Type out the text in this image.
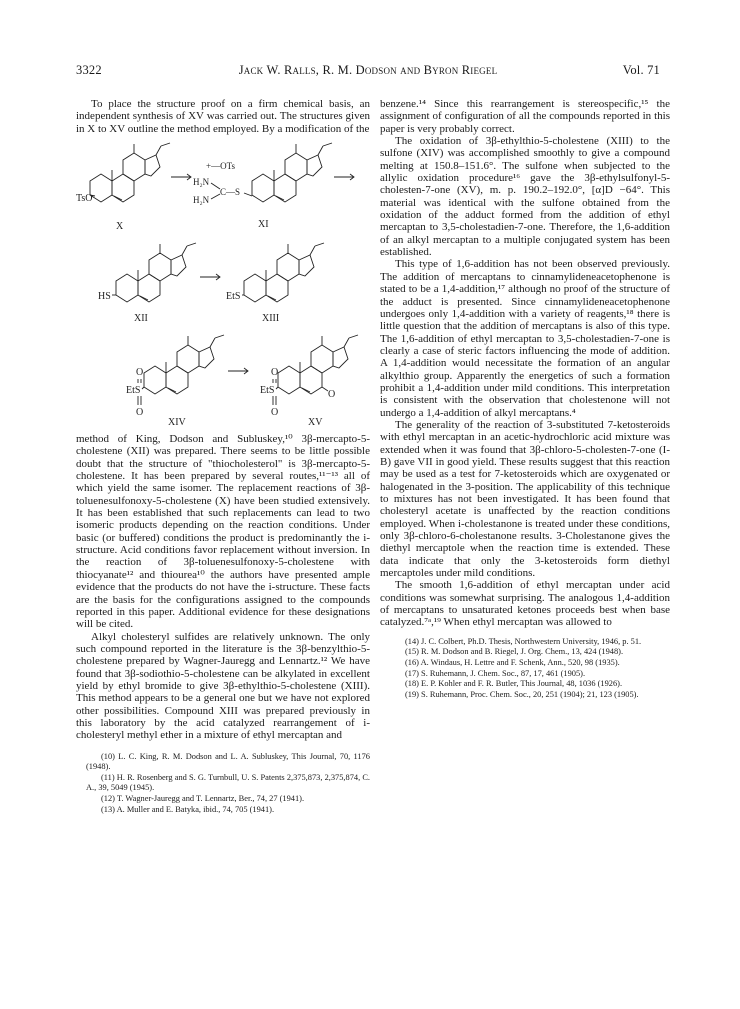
3322	Jack W. Ralls, R. M. Dodson and Byron Riegel	Vol. 71

To place the structure proof on a firm chemical basis, an independent synthesis of XV was carried out. The structures given in X to XV outline the method employed. By a modification of the

TsO
X
+—OTs
H₂N
H₂N
C—S
XI
HS
XII
EtS
XIII
O
EtS
O
XIV
O
EtS
O
O
XV

method of King, Dodson and Subluskey,¹⁰ 3β-mercapto-5-cholestene (XII) was prepared. There seems to be little possible doubt that the structure of "thiocholesterol" is 3β-mercapto-5-cholestene. It has been prepared by several routes,¹¹⁻¹³ all of which yield the same isomer. The replacement reactions of 3β-toluenesulfonoxy-5-cholestene (X) have been studied extensively. It has been established that such replacements can lead to two isomeric products depending on the reaction conditions. Under basic (or buffered) conditions the product is predominantly the i-structure. Acid conditions favor replacement without inversion. In the reaction of 3β-toluenesulfonoxy-5-cholestene with thiocyanate¹² and thiourea¹⁰ the authors have presented ample evidence that the products do not have the i-structure. These facts are the basis for the configurations assigned to the compounds reported in this paper. Additional evidence for these designations will be cited.

Alkyl cholesteryl sulfides are relatively unknown. The only such compound reported in the literature is the 3β-benzylthio-5-cholestene prepared by Wagner-Jauregg and Lennartz.¹² We have found that 3β-sodiothio-5-cholestene can be alkylated in excellent yield by ethyl bromide to give 3β-ethylthio-5-cholestene (XIII). This method appears to be a general one but we have not explored other possibilities. Compound XIII was prepared previously in this laboratory by the acid catalyzed rearrangement of i-cholesteryl methyl ether in a mixture of ethyl mercaptan and

(10) L. C. King, R. M. Dodson and L. A. Subluskey, This Journal, 70, 1176 (1948).

(11) H. R. Rosenberg and S. G. Turnbull, U. S. Patents 2,375,873, 2,375,874, C. A., 39, 5049 (1945).

(12) T. Wagner-Jauregg and T. Lennartz, Ber., 74, 27 (1941).

(13) A. Muller and E. Batyka, ibid., 74, 705 (1941).

benzene.¹⁴ Since this rearrangement is stereospecific,¹⁵ the assignment of configuration of all the compounds reported in this paper is very probably correct.

The oxidation of 3β-ethylthio-5-cholestene (XIII) to the sulfone (XIV) was accomplished smoothly to give a compound melting at 150.8–151.6°. The sulfone when subjected to the allylic oxidation procedure¹⁶ gave the 3β-ethylsulfonyl-5-cholesten-7-one (XV), m. p. 190.2–192.0°, [α]D −64°. This material was identical with the sulfone obtained from the oxidation of the adduct formed from the addition of ethyl mercaptan to 3,5-cholestadien-7-one. Therefore, the 1,6-addition of an alkyl mercaptan to a multiple conjugated system has been established.

This type of 1,6-addition has not been observed previously. The addition of mercaptans to cinnamylideneacetophenone is stated to be a 1,4-addition,¹⁷ although no proof of the structure of the adduct is presented. Since cinnamylideneacetophenone undergoes only 1,4-addition with a variety of reagents,¹⁸ there is little question that the addition of mercaptans is also of this type. The 1,6-addition of ethyl mercaptan to 3,5-cholestadien-7-one is clearly a case of steric factors influencing the mode of addition. A 1,4-addition would necessitate the formation of an angular alkylthio group. Apparently the energetics of such a formation prohibit a 1,4-addition under mild conditions. This interpretation is consistent with the observation that cholestenone will not undergo a 1,4-addition of alkyl mercaptans.⁴

The generality of the reaction of 3-substituted 7-ketosteroids with ethyl mercaptan in an acetic-hydrochloric acid mixture was extended when it was found that 3β-chloro-5-cholesten-7-one (I-B) gave VII in good yield. These results suggest that this reaction may be used as a test for 7-ketosteroids which are oxygenated or halogenated in the 3-position. The applicability of this technique to mixtures has not been investigated. It has been found that cholesteryl acetate is unaffected by the reaction conditions employed. When i-cholestanone is treated under these conditions, only 3β-chloro-6-cholestanone results. 3-Cholestanone gives the diethyl mercaptole when the reaction time is extended. These data indicate that only the 3-ketosteroids form diethyl mercaptoles under mild conditions.

The smooth 1,6-addition of ethyl mercaptan under acid conditions was somewhat surprising. The analogous 1,4-addition of mercaptans to unsaturated ketones proceeds best when base catalyzed.⁷ᵃ,¹⁹ When ethyl mercaptan was allowed to

(14) J. C. Colbert, Ph.D. Thesis, Northwestern University, 1946, p. 51.

(15) R. M. Dodson and B. Riegel, J. Org. Chem., 13, 424 (1948).

(16) A. Windaus, H. Lettre and F. Schenk, Ann., 520, 98 (1935).

(17) S. Ruhemann, J. Chem. Soc., 87, 17, 461 (1905).

(18) E. P. Kohler and F. R. Butler, This Journal, 48, 1036 (1926).

(19) S. Ruhemann, Proc. Chem. Soc., 20, 251 (1904); 21, 123 (1905).
